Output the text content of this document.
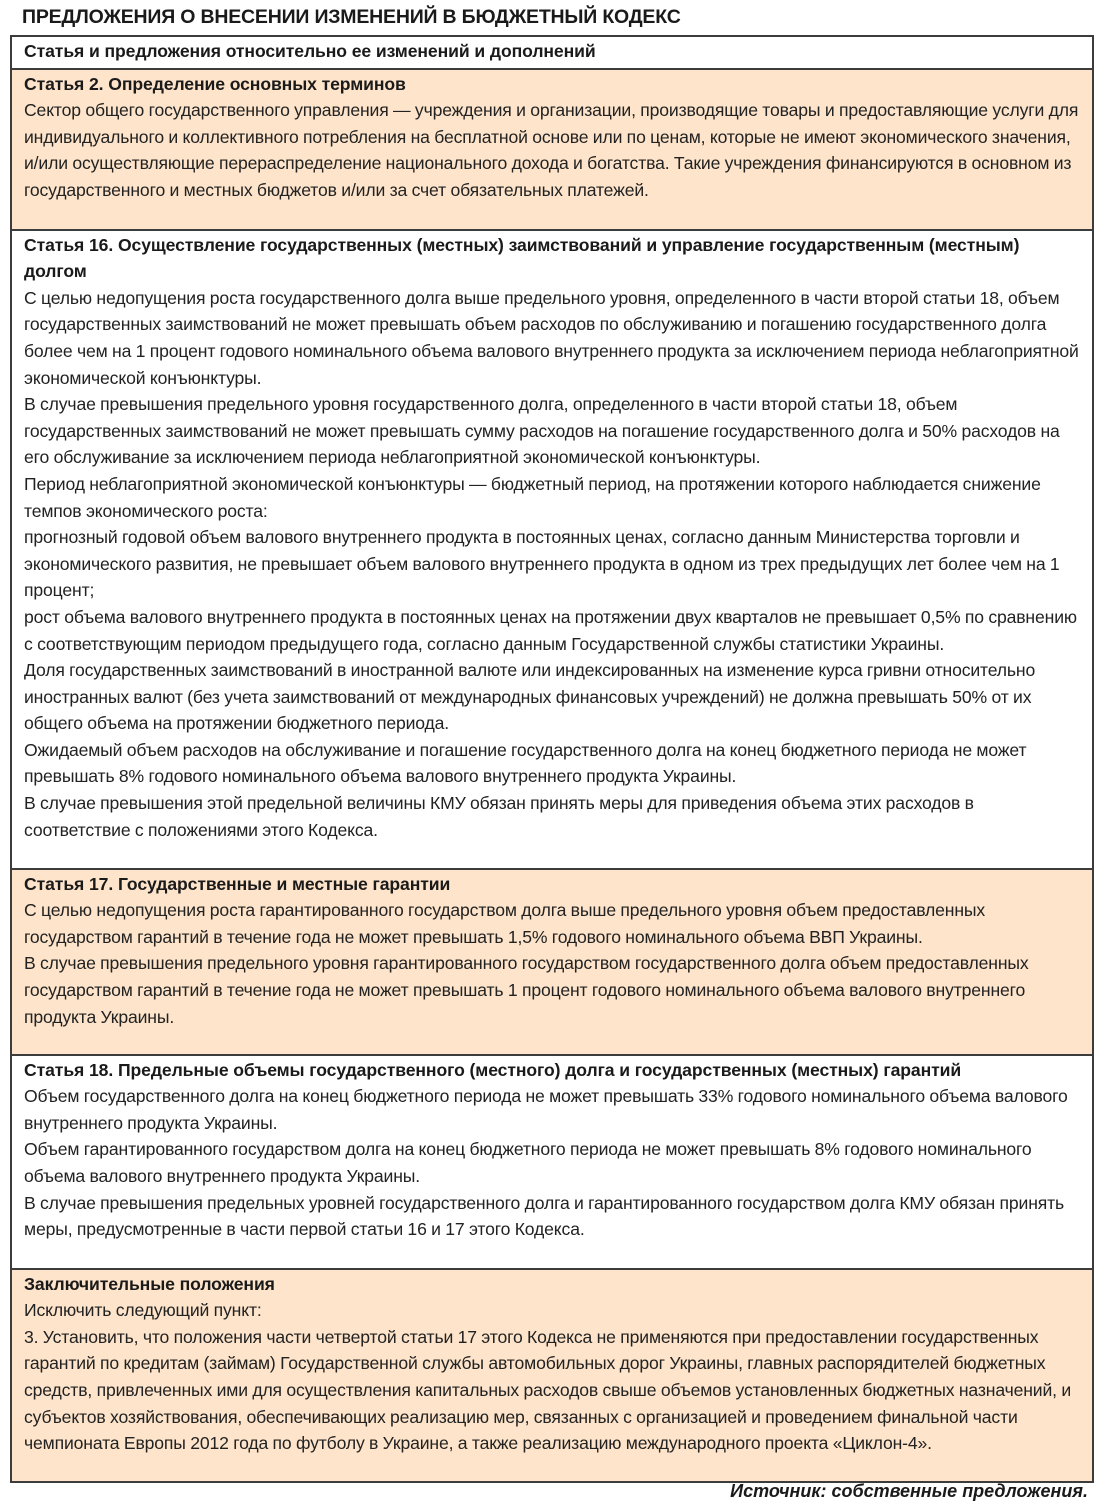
ПРЕДЛОЖЕНИЯ О ВНЕСЕНИИ ИЗМЕНЕНИЙ В БЮДЖЕТНЫЙ КОДЕКС
Статья и предложения относительно ее изменений и дополнений
Статья 2. Определение основных терминов
Сектор общего государственного управления — учреждения и организации, производящие товары и предоставляющие услуги для индивидуального и коллективного потребления на бесплатной основе или по ценам, которые не имеют экономического значения, и/или осуществляющие перераспределение национального дохода и богатства. Такие учреждения финансируются в основном из государственного и местных бюджетов и/или за счет обязательных платежей.
Статья 16. Осуществление государственных (местных) заимствований и управление государственным (местным) долгом
С целью недопущения роста государственного долга выше предельного уровня, определенного в части второй статьи 18, объем государственных заимствований не может превышать объем расходов по обслуживанию и погашению государственного долга более чем на 1 процент годового номинального объема валового внутреннего продукта за исключением периода неблагоприятной экономической конъюнктуры.
В случае превышения предельного уровня государственного долга, определенного в части второй статьи 18, объем государственных заимствований не может превышать сумму расходов на погашение государственного долга и 50% расходов на его обслуживание за исключением периода неблагоприятной экономической конъюнктуры.
Период неблагоприятной экономической конъюнктуры — бюджетный период, на протяжении которого наблюдается снижение темпов экономического роста:
прогнозный годовой объем валового внутреннего продукта в постоянных ценах, согласно данным Министерства торговли и экономического развития, не превышает объем валового внутреннего продукта в одном из трех предыдущих лет более чем на 1 процент;
рост объема валового внутреннего продукта в постоянных ценах на протяжении двух кварталов не превышает 0,5% по сравнению с соответствующим периодом предыдущего года, согласно данным Государственной службы статистики Украины.
Доля государственных заимствований в иностранной валюте или индексированных на изменение курса гривни относительно иностранных валют (без учета заимствований от международных финансовых учреждений) не должна превышать 50% от их общего объема на протяжении бюджетного периода.
Ожидаемый объем расходов на обслуживание и погашение государственного долга на конец бюджетного периода не может превышать 8% годового номинального объема валового внутреннего продукта Украины.
В случае превышения этой предельной величины КМУ обязан принять меры для приведения объема этих расходов в соответствие с положениями этого Кодекса.
Статья 17. Государственные и местные гарантии
С целью недопущения роста гарантированного государством долга выше предельного уровня объем предоставленных государством гарантий в течение года не может превышать 1,5% годового номинального объема ВВП Украины.
В случае превышения предельного уровня гарантированного государством государственного долга объем предоставленных государством гарантий в течение года не может превышать 1 процент годового номинального объема валового внутреннего продукта Украины.
Статья 18. Предельные объемы государственного (местного) долга и государственных (местных) гарантий
Объем государственного долга на конец бюджетного периода не может превышать 33% годового номинального объема валового внутреннего продукта Украины.
Объем гарантированного государством долга на конец бюджетного периода не может превышать 8% годового номинального объема валового внутреннего продукта Украины.
В случае превышения предельных уровней государственного долга и гарантированного государством долга КМУ обязан принять меры, предусмотренные в части первой статьи 16 и 17 этого Кодекса.
Заключительные положения
Исключить следующий пункт:
3. Установить, что положения части четвертой статьи 17 этого Кодекса не применяются при предоставлении государственных гарантий по кредитам (займам) Государственной службы автомобильных дорог Украины, главных распорядителей бюджетных средств, привлеченных ими для осуществления капитальных расходов свыше объемов установленных бюджетных назначений, и субъектов хозяйствования, обеспечивающих реализацию мер, связанных с организацией и проведением финальной части чемпионата Европы 2012 года по футболу в Украине, а также реализацию международного проекта «Циклон-4».
Источник: собственные предложения.
